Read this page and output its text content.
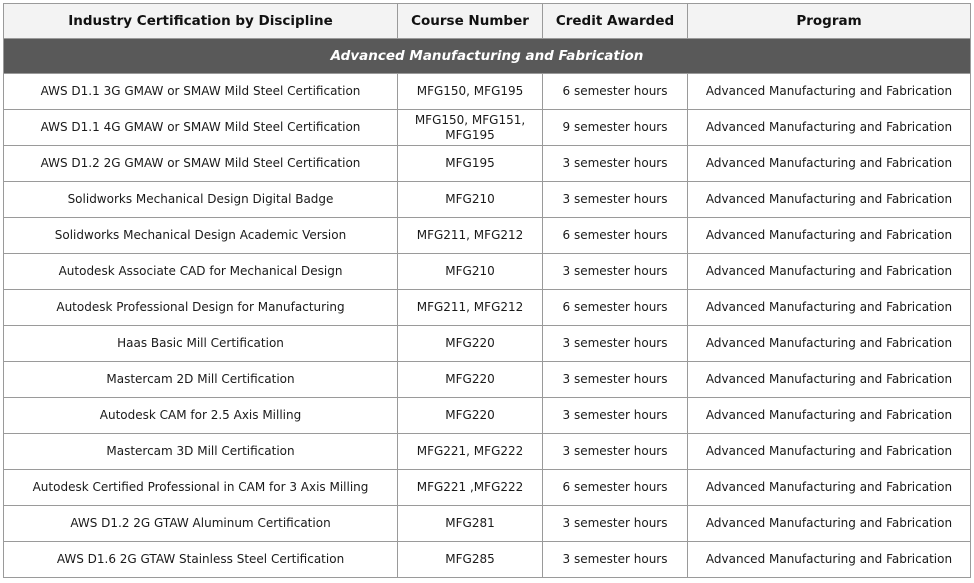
Industry Certification by Discipline	Course Number	Credit Awarded	Program
Advanced Manufacturing and Fabrication			
AWS D1.1 3G GMAW or SMAW Mild Steel Certification	MFG150, MFG195	6 semester hours	Advanced Manufacturing and Fabrication
AWS D1.1 4G GMAW or SMAW Mild Steel Certification	MFG150, MFG151, MFG195	9 semester hours	Advanced Manufacturing and Fabrication
AWS D1.2 2G GMAW or SMAW Mild Steel Certification	MFG195	3 semester hours	Advanced Manufacturing and Fabrication
Solidworks Mechanical Design Digital Badge	MFG210	3 semester hours	Advanced Manufacturing and Fabrication
Solidworks Mechanical Design Academic Version	MFG211, MFG212	6 semester hours	Advanced Manufacturing and Fabrication
Autodesk Associate CAD for Mechanical Design	MFG210	3 semester hours	Advanced Manufacturing and Fabrication
Autodesk Professional Design for Manufacturing	MFG211, MFG212	6 semester hours	Advanced Manufacturing and Fabrication
Haas Basic Mill Certification	MFG220	3 semester hours	Advanced Manufacturing and Fabrication
Mastercam 2D Mill Certification	MFG220	3 semester hours	Advanced Manufacturing and Fabrication
Autodesk CAM for 2.5 Axis Milling	MFG220	3 semester hours	Advanced Manufacturing and Fabrication
Mastercam 3D Mill Certification	MFG221, MFG222	3 semester hours	Advanced Manufacturing and Fabrication
Autodesk Certified Professional in CAM for 3 Axis Milling	MFG221 ,MFG222	6 semester hours	Advanced Manufacturing and Fabrication
AWS D1.2 2G GTAW Aluminum Certification	MFG281	3 semester hours	Advanced Manufacturing and Fabrication
AWS D1.6 2G GTAW Stainless Steel Certification	MFG285	3 semester hours	Advanced Manufacturing and Fabrication
